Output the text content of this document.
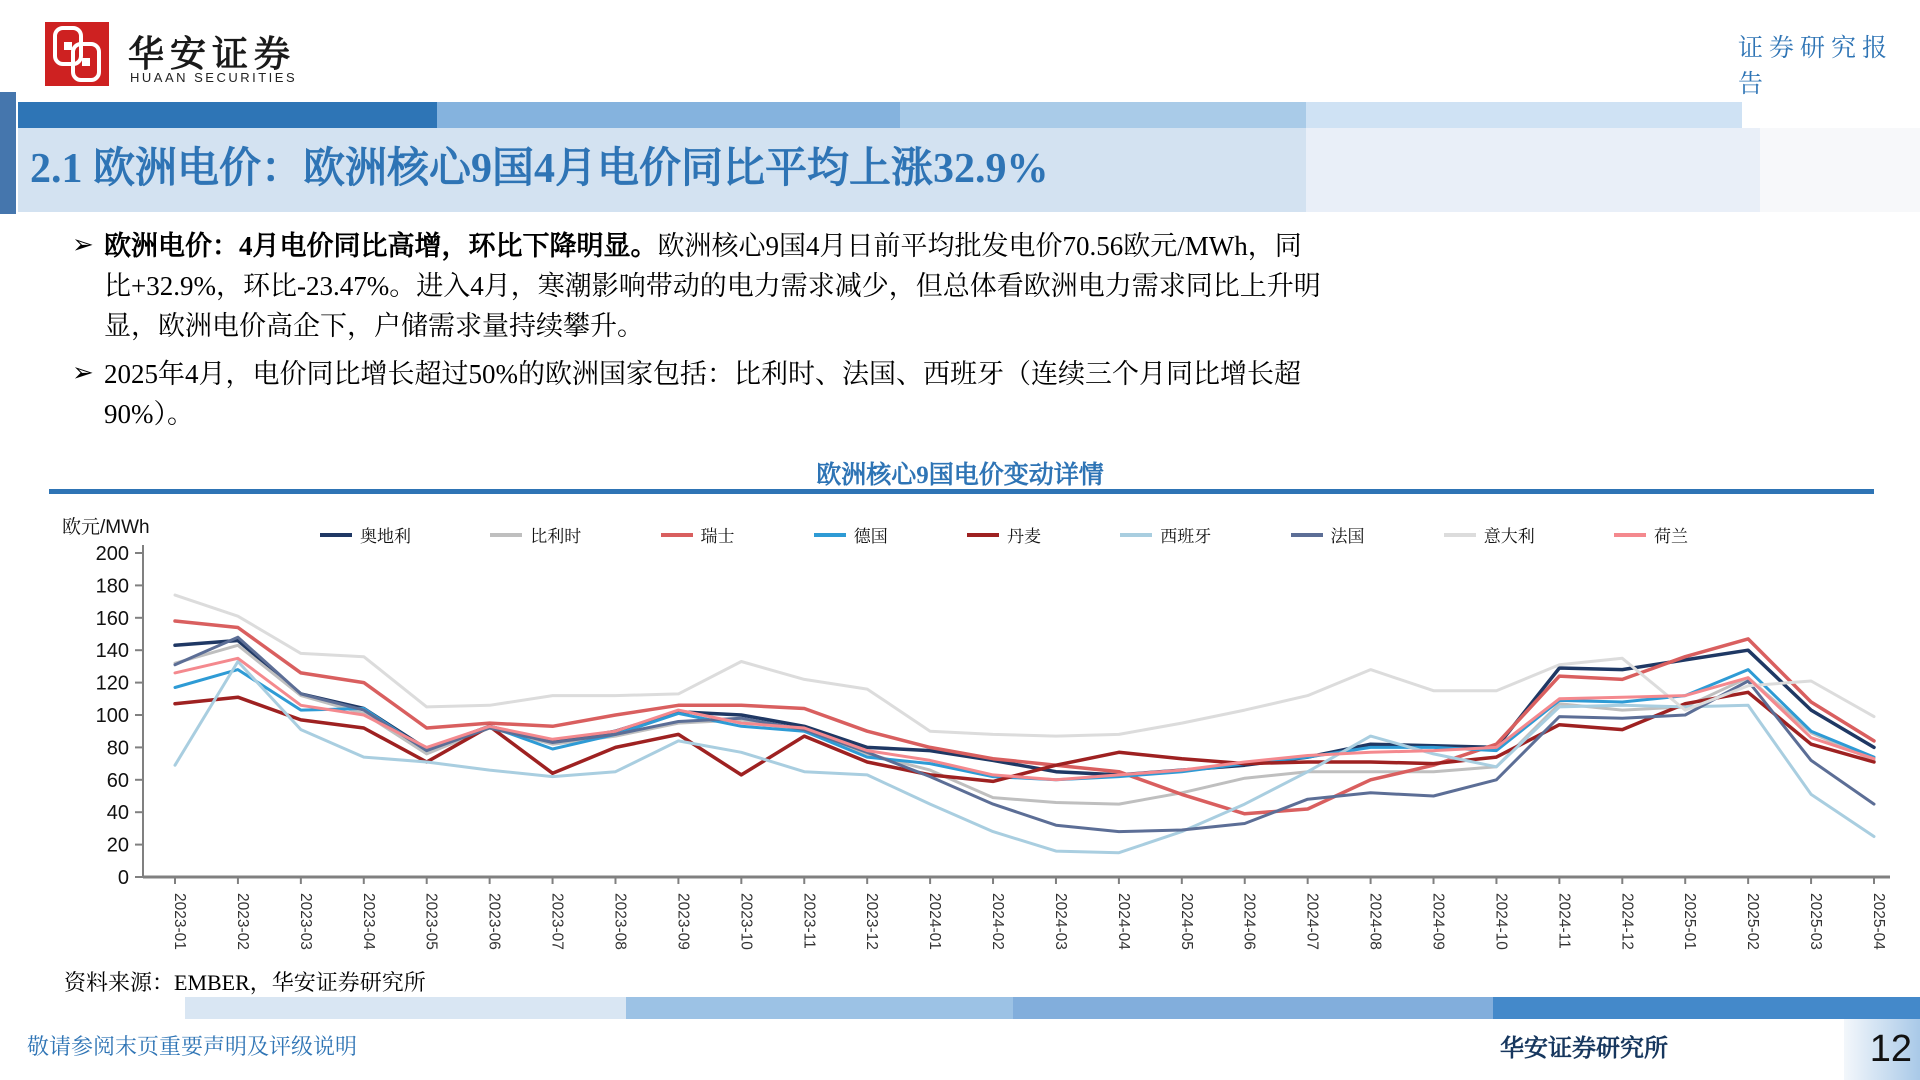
华安证券
HUAAN SECURITIES
证券研究报告
2.1 欧洲电价：欧洲核心9国4月电价同比平均上涨32.9%
➢ 欧洲电价：4月电价同比高增，环比下降明显。欧洲核心9国4月日前平均批发电价70.56欧元/MWh，同
比+32.9%，环比-23.47%。进入4月，寒潮影响带动的电力需求减少，但总体看欧洲电力需求同比上升明
显，欧洲电价高企下，户储需求量持续攀升。
➢ 2025年4月，电价同比增长超过50%的欧洲国家包括：比利时、法国、西班牙（连续三个月同比增长超
90%）。
欧洲核心9国电价变动详情
欧元/MWh	奥地利	比利时	瑞士	德国	丹麦	西班牙	法国	意大利	荷兰
0
20
40
60
80
100
120
140
160
180
200
2023-01	2023-02	2023-03	2023-04	2023-05	2023-06	2023-07	2023-08	2023-09	2023-10	2023-11	2023-12	2024-01	2024-02	2024-03	2024-04	2024-05	2024-06	2024-07	2024-08	2024-09	2024-10	2024-11	2024-12	2025-01	2025-02	2025-03	2025-04
资料来源：EMBER，华安证券研究所
敬请参阅末页重要声明及评级说明	华安证券研究所	12
